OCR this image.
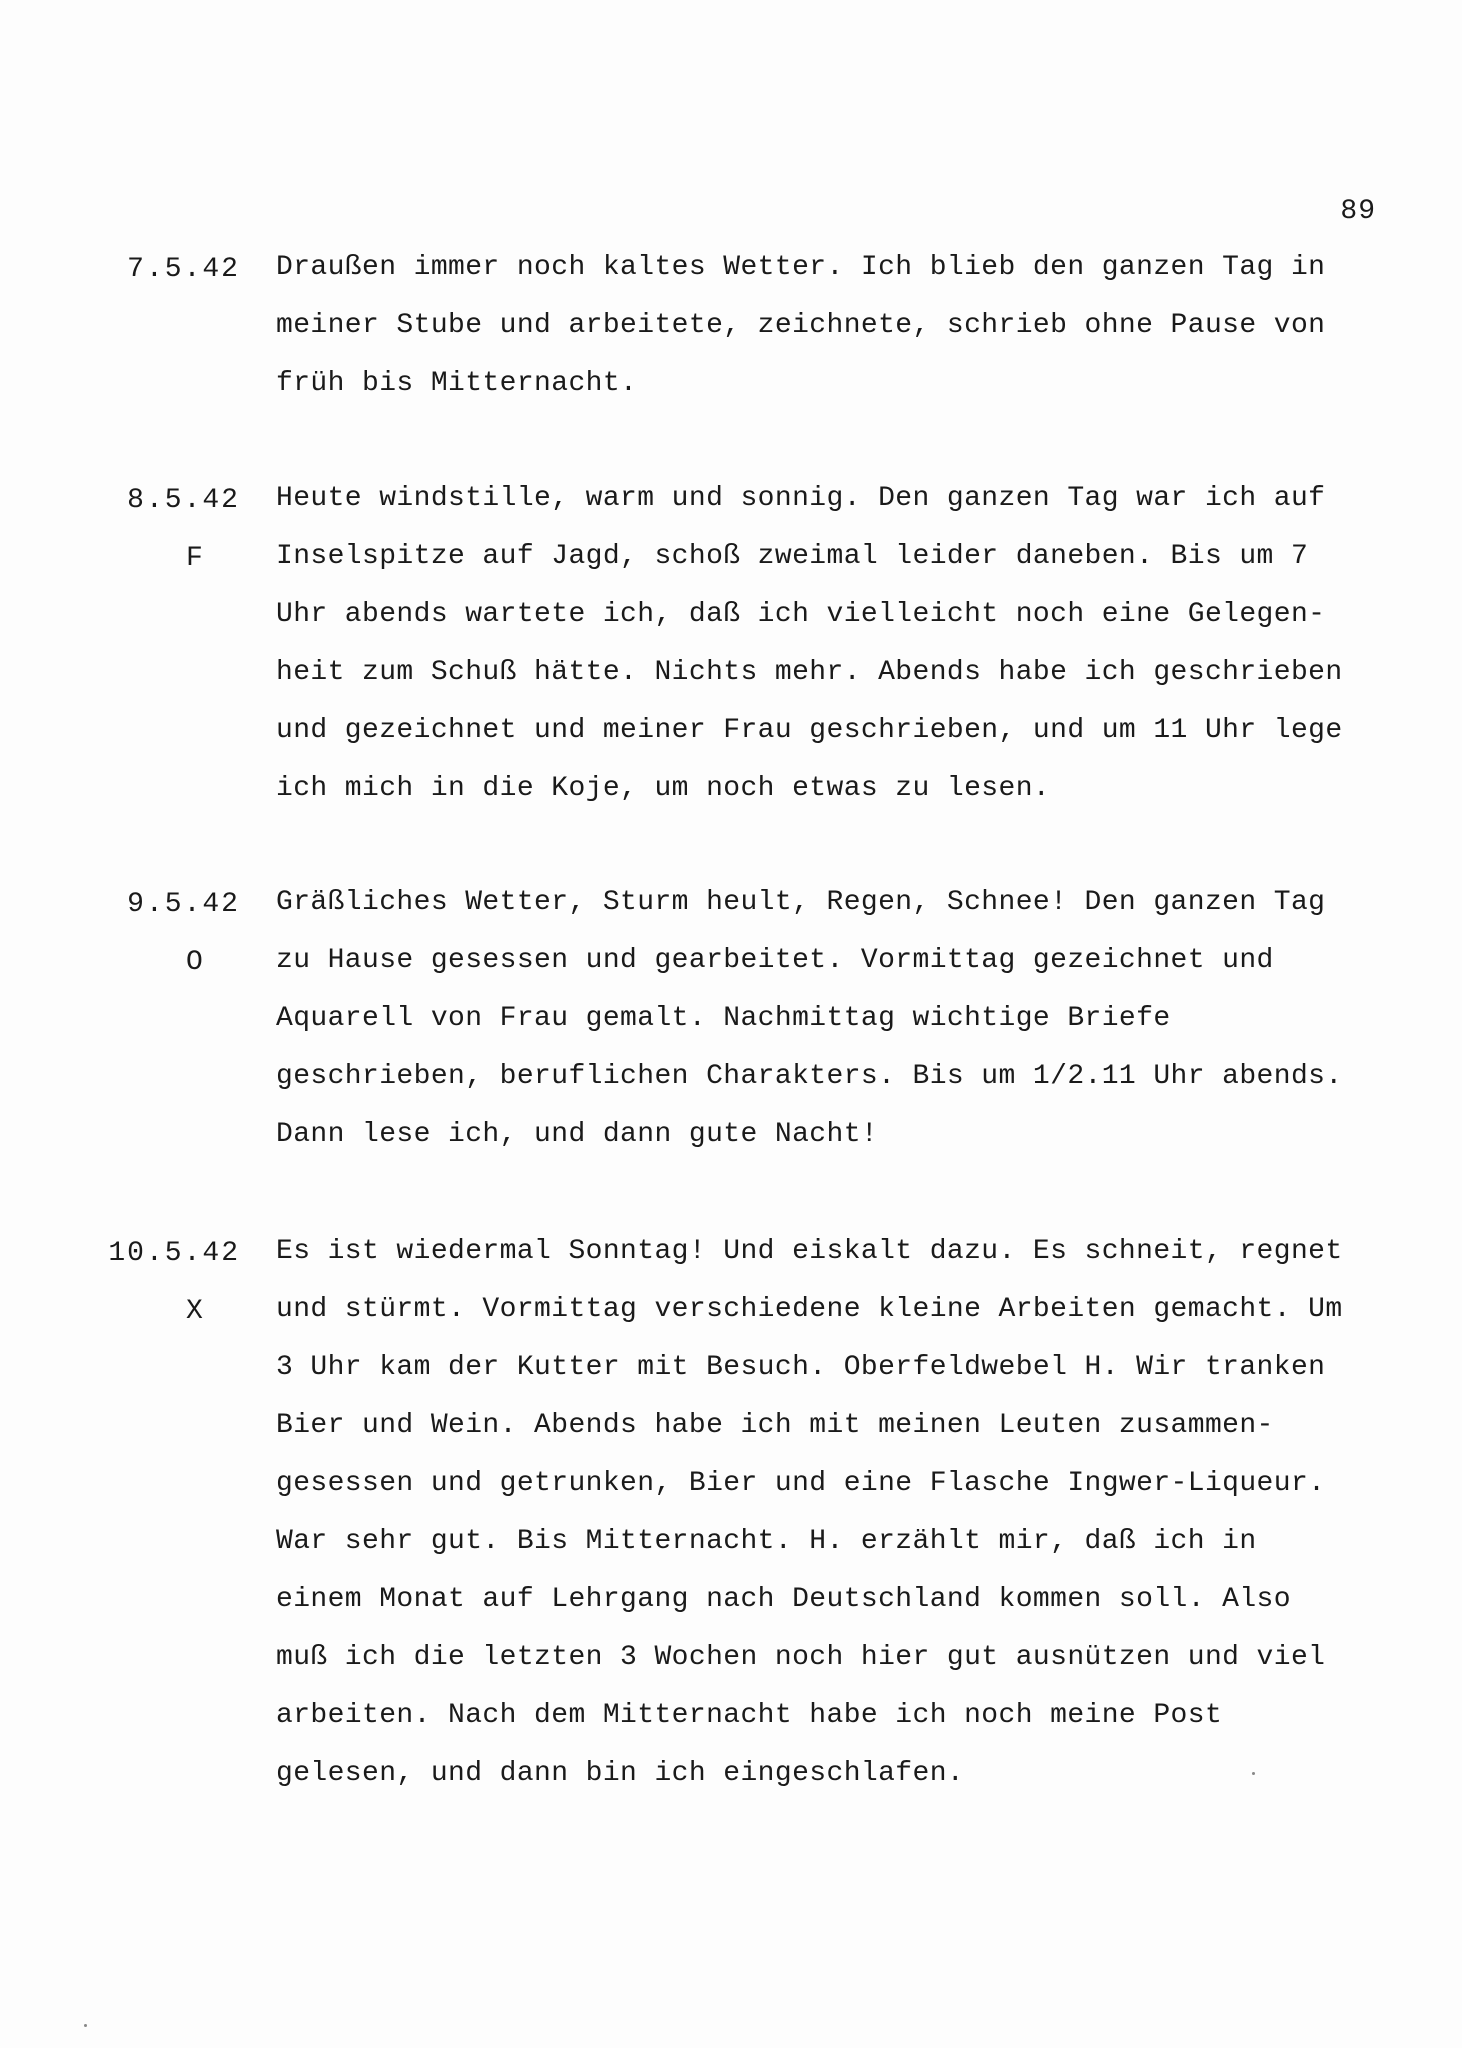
89
7.5.42 Draußen immer noch kaltes Wetter. Ich blieb den ganzen Tag in
meiner Stube und arbeitete, zeichnete, schrieb ohne Pause von
früh bis Mitternacht.
8.5.42
F
Heute windstille, warm und sonnig. Den ganzen Tag war ich auf
Inselspitze auf Jagd, schoß zweimal leider daneben. Bis um 7
Uhr abends wartete ich, daß ich vielleicht noch eine Gelegen-
heit zum Schuß hätte. Nichts mehr. Abends habe ich geschrieben
und gezeichnet und meiner Frau geschrieben, und um 11 Uhr lege
ich mich in die Koje, um noch etwas zu lesen.
9.5.42
O
Gräßliches Wetter, Sturm heult, Regen, Schnee! Den ganzen Tag
zu Hause gesessen und gearbeitet. Vormittag gezeichnet und
Aquarell von Frau gemalt. Nachmittag wichtige Briefe
geschrieben, beruflichen Charakters. Bis um 1/2.11 Uhr abends.
Dann lese ich, und dann gute Nacht!
10.5.42
X
Es ist wiedermal Sonntag! Und eiskalt dazu. Es schneit, regnet
und stürmt. Vormittag verschiedene kleine Arbeiten gemacht. Um
3 Uhr kam der Kutter mit Besuch. Oberfeldwebel H. Wir tranken
Bier und Wein. Abends habe ich mit meinen Leuten zusammen-
gesessen und getrunken, Bier und eine Flasche Ingwer-Liqueur.
War sehr gut. Bis Mitternacht. H. erzählt mir, daß ich in
einem Monat auf Lehrgang nach Deutschland kommen soll. Also
muß ich die letzten 3 Wochen noch hier gut ausnützen und viel
arbeiten. Nach dem Mitternacht habe ich noch meine Post
gelesen, und dann bin ich eingeschlafen.
